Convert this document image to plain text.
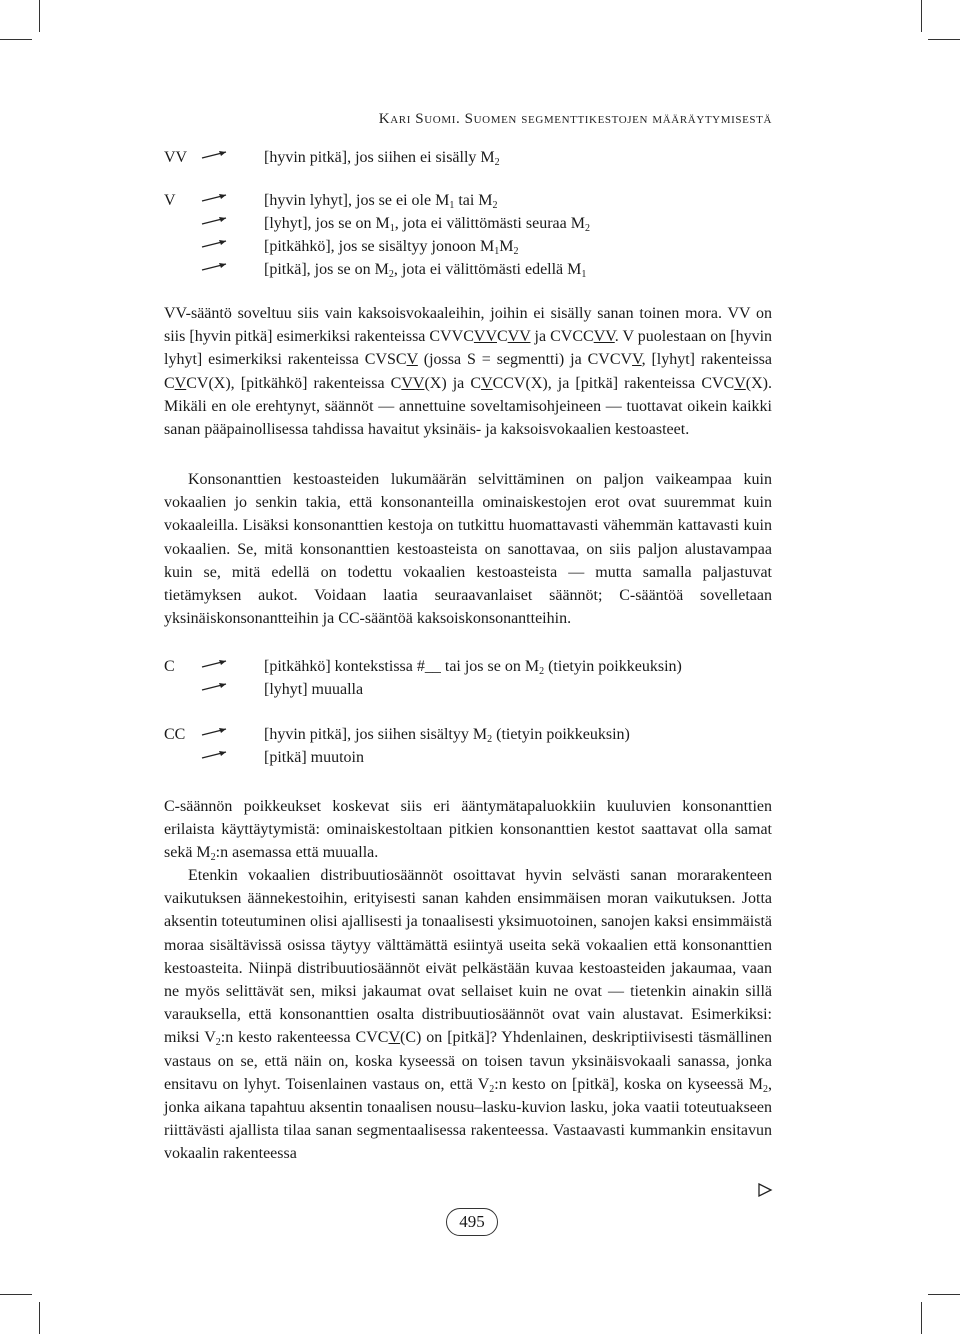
Kari Suomi. Suomen segmenttikestojen määräytymisestä
VV	[hyvin pitkä], jos siihen ei sisälly $M_2$
V	[hyvin lyhyt], jos se ei ole $M_1$ tai $M_2$
[lyhyt], jos se on $M_1$, jota ei välittömästi seuraa $M_2$
[pitkähkö], jos se sisältyy jonoon $M_1M_2$
[pitkä], jos se on $M_2$, jota ei välittömästi edellä $M_1$

VV-sääntö soveltuu siis vain kaksoisvokaaleihin, joihin ei sisälly sanan toinen mora. VV on siis [hyvin pitkä] esimerkiksi rakenteissa CVVCVVCVV ja CVCCVV. V puolestaan on [hyvin lyhyt] esimerkiksi rakenteissa CVSCV (jossa S = segmentti) ja CVCVV, [lyhyt] rakenteissa CVCV(X), [pitkähkö] rakenteissa CVV(X) ja CVCCV(X), ja [pitkä] rakenteissa CVCV(X). Mikäli en ole erehtynyt, säännöt — annettuine soveltamisohjeineen — tuottavat oikein kaikki sanan pääpainollisessa tahdissa havaitut yksinäis- ja kaksoisvokaalien kestoasteet.

Konsonanttien kestoasteiden lukumäärän selvittäminen on paljon vaikeampaa kuin vokaalien jo senkin takia, että konsonanteilla ominaiskestojen erot ovat suuremmat kuin vokaaleilla. Lisäksi konsonanttien kestoja on tutkittu huomattavasti vähemmän kattavasti kuin vokaalien. Se, mitä konsonanttien kestoasteista on sanottavaa, on siis paljon alustavampaa kuin se, mitä edellä on todettu vokaalien kestoasteista — mutta samalla paljastuvat tietämyksen aukot. Voidaan laatia seuraavanlaiset säännöt; C-sääntöä sovelletaan yksinäiskonsonantteihin ja CC-sääntöä kaksoiskonsonantteihin.

C	[pitkähkö] kontekstissa #__ tai jos se on $M_2$ (tietyin poikkeuksin)
[lyhyt] muualla
CC	[hyvin pitkä], jos siihen sisältyy $M_2$ (tietyin poikkeuksin)
[pitkä] muutoin

C-säännön poikkeukset koskevat siis eri ääntymätapaluokkiin kuuluvien konsonanttien erilaista käyttäytymistä: ominaiskestoltaan pitkien konsonanttien kestot saattavat olla samat sekä $M_2:n$ asemassa että muualla.

Etenkin vokaalien distribuutiosäännöt osoittavat hyvin selvästi sanan morarakenteen vaikutuksen äännekestoihin, erityisesti sanan kahden ensimmäisen moran vaikutuksen. Jotta aksentin toteutuminen olisi ajallisesti ja tonaalisesti yksimuotoinen, sanojen kaksi ensimmäistä moraa sisältävissä osissa täytyy välttämättä esiintyä useita sekä vokaalien että konsonanttien kestoasteita. Niinpä distribuutiosäännöt eivät pelkästään kuvaa kestoasteiden jakaumaa, vaan ne myös selittävät sen, miksi jakaumat ovat sellaiset kuin ne ovat — tietenkin ainakin sillä varauksella, että konsonanttien osalta distribuutiosäännöt ovat vain alustavat. Esimerkiksi: miksi $V_2:n$ kesto rakenteessa CVCV(C) on [pitkä]? Yhdenlainen, deskriptiivisesti täsmällinen vastaus on se, että näin on, koska kyseessä on toisen tavun yksinäisvokaali sanassa, jonka ensitavu on lyhyt. Toisenlainen vastaus on, että $V_2:n$ kesto on [pitkä], koska on kyseessä $M_2$, jonka aikana tapahtuu aksentin tonaalisen nousu–lasku-kuvion lasku, joka vaatii toteutuakseen riittävästi ajallista tilaa sanan segmentaalisessa rakenteessa. Vastaavasti kummankin ensitavun vokaalin rakenteessa

495
